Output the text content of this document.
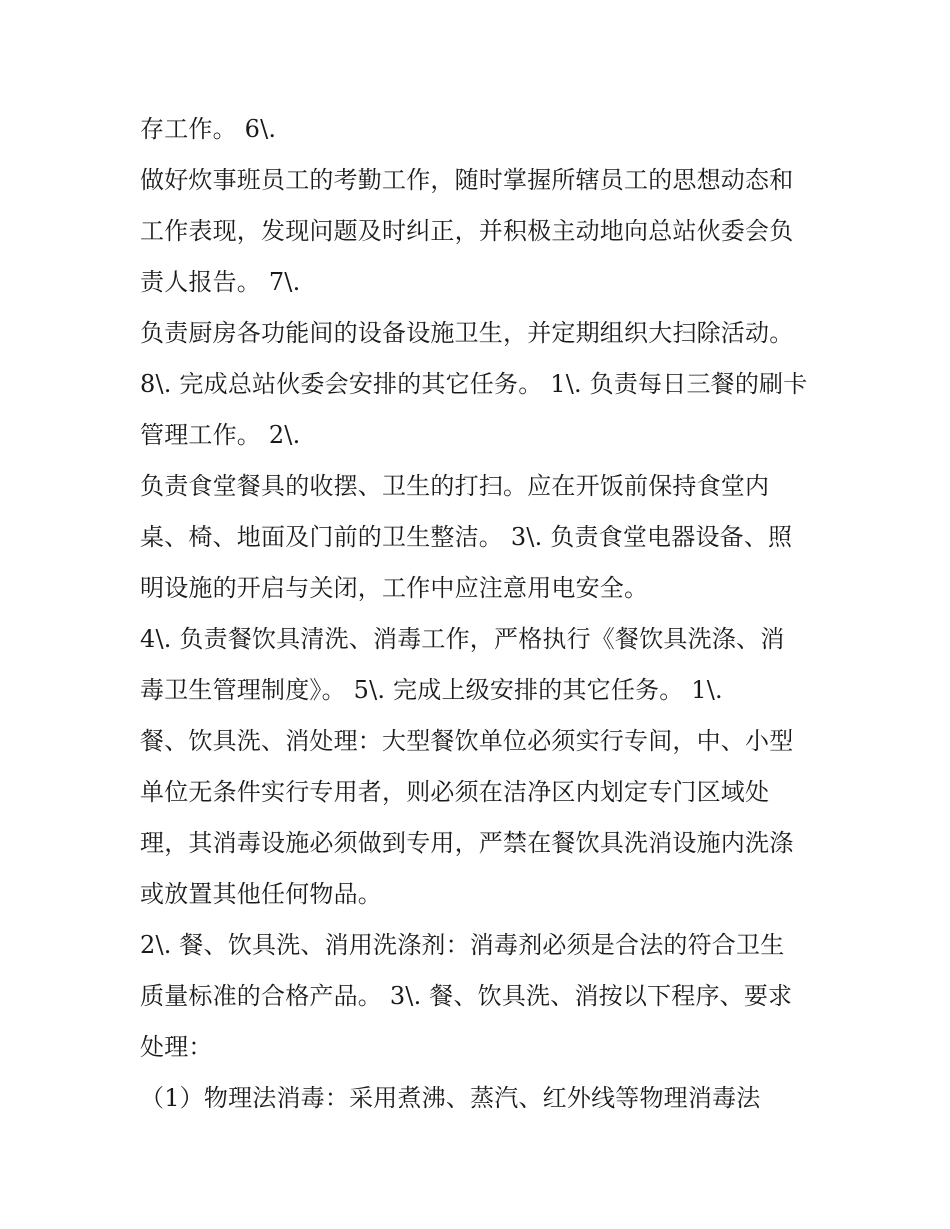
存工作。 6\.
做好炊事班员工的考勤工作，随时掌握所辖员工的思想动态和
工作表现，发现问题及时纠正，并积极主动地向总站伙委会负
责人报告。 7\.
负责厨房各功能间的设备设施卫生，并定期组织大扫除活动。
8\. 完成总站伙委会安排的其它任务。 1\. 负责每日三餐的刷卡
管理工作。 2\.
负责食堂餐具的收摆、卫生的打扫。应在开饭前保持食堂内
桌、椅、地面及门前的卫生整洁。 3\. 负责食堂电器设备、照
明设施的开启与关闭，工作中应注意用电安全。
4\. 负责餐饮具清洗、消毒工作，严格执行《餐饮具洗涤、消
毒卫生管理制度》。 5\. 完成上级安排的其它任务。 1\.
餐、饮具洗、消处理：大型餐饮单位必须实行专间，中、小型
单位无条件实行专用者，则必须在洁净区内划定专门区域处
理，其消毒设施必须做到专用，严禁在餐饮具洗消设施内洗涤
或放置其他任何物品。
2\. 餐、饮具洗、消用洗涤剂：消毒剂必须是合法的符合卫生
质量标准的合格产品。 3\. 餐、饮具洗、消按以下程序、要求
处理：
（1）物理法消毒：采用煮沸、蒸汽、红外线等物理消毒法
